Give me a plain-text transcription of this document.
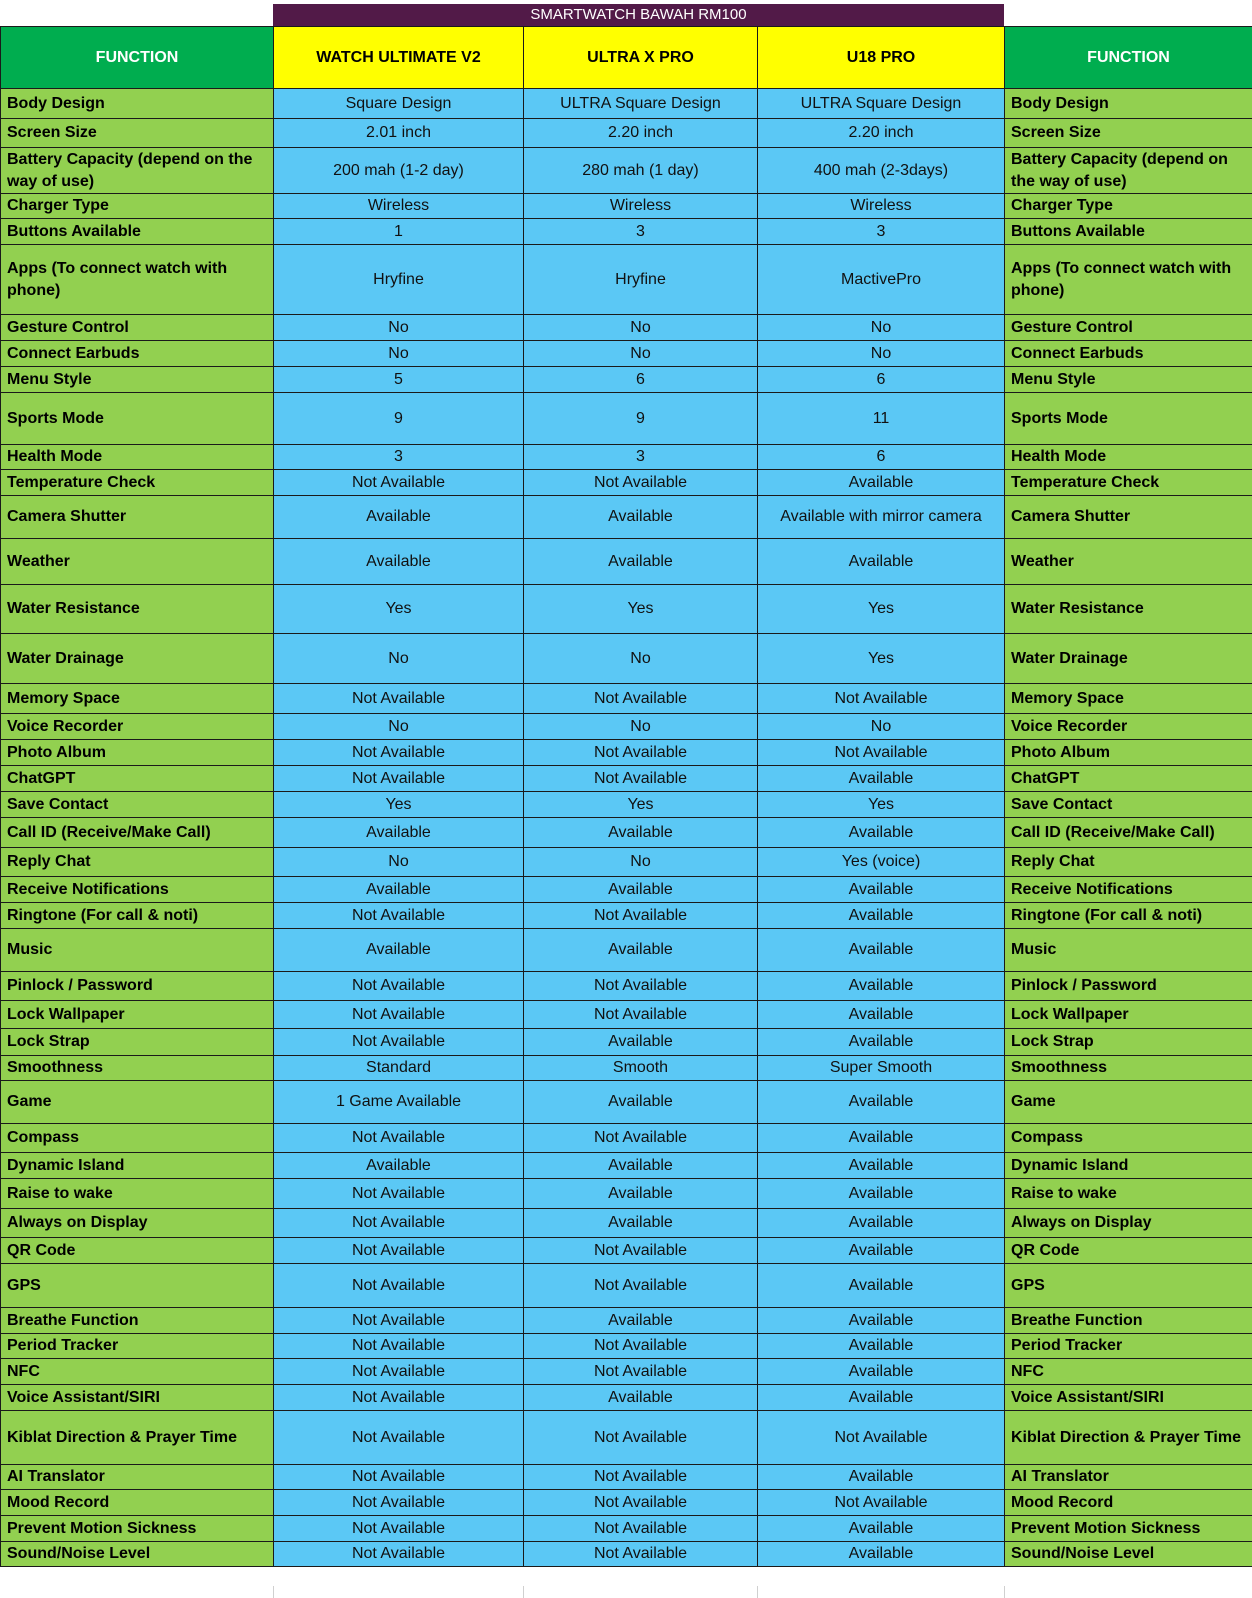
SMARTWATCH BAWAH RM100
FUNCTION	WATCH ULTIMATE V2	ULTRA X PRO	U18 PRO	FUNCTION
Body Design	Square Design	ULTRA Square Design	ULTRA Square Design	Body Design
Screen Size	2.01 inch	2.20 inch	2.20 inch	Screen Size
Battery Capacity (depend on the way of use)	200 mah (1-2 day)	280 mah (1 day)	400 mah (2-3days)	Battery Capacity (depend on the way of use)
Charger Type	Wireless	Wireless	Wireless	Charger Type
Buttons Available	1	3	3	Buttons Available
Apps (To connect watch with phone)	Hryfine	Hryfine	MactivePro	Apps (To connect watch with phone)
Gesture Control	No	No	No	Gesture Control
Connect Earbuds	No	No	No	Connect Earbuds
Menu Style	5	6	6	Menu Style
Sports Mode	9	9	11	Sports Mode
Health Mode	3	3	6	Health Mode
Temperature Check	Not Available	Not Available	Available	Temperature Check
Camera Shutter	Available	Available	Available with mirror camera	Camera Shutter
Weather	Available	Available	Available	Weather
Water Resistance	Yes	Yes	Yes	Water Resistance
Water Drainage	No	No	Yes	Water Drainage
Memory Space	Not Available	Not Available	Not Available	Memory Space
Voice Recorder	No	No	No	Voice Recorder
Photo Album	Not Available	Not Available	Not Available	Photo Album
ChatGPT	Not Available	Not Available	Available	ChatGPT
Save Contact	Yes	Yes	Yes	Save Contact
Call ID (Receive/Make Call)	Available	Available	Available	Call ID (Receive/Make Call)
Reply Chat	No	No	Yes (voice)	Reply Chat
Receive Notifications	Available	Available	Available	Receive Notifications
Ringtone (For call & noti)	Not Available	Not Available	Available	Ringtone (For call & noti)
Music	Available	Available	Available	Music
Pinlock / Password	Not Available	Not Available	Available	Pinlock / Password
Lock Wallpaper	Not Available	Not Available	Available	Lock Wallpaper
Lock Strap	Not Available	Available	Available	Lock Strap
Smoothness	Standard	Smooth	Super Smooth	Smoothness
Game	1 Game Available	Available	Available	Game
Compass	Not Available	Not Available	Available	Compass
Dynamic Island	Available	Available	Available	Dynamic Island
Raise to wake	Not Available	Available	Available	Raise to wake
Always on Display	Not Available	Available	Available	Always on Display
QR Code	Not Available	Not Available	Available	QR Code
GPS	Not Available	Not Available	Available	GPS
Breathe Function	Not Available	Available	Available	Breathe Function
Period Tracker	Not Available	Not Available	Available	Period Tracker
NFC	Not Available	Not Available	Available	NFC
Voice Assistant/SIRI	Not Available	Available	Available	Voice Assistant/SIRI
Kiblat Direction & Prayer Time	Not Available	Not Available	Not Available	Kiblat Direction & Prayer Time
AI Translator	Not Available	Not Available	Available	AI Translator
Mood Record	Not Available	Not Available	Not Available	Mood Record
Prevent Motion Sickness	Not Available	Not Available	Available	Prevent Motion Sickness
Sound/Noise Level	Not Available	Not Available	Available	Sound/Noise Level
